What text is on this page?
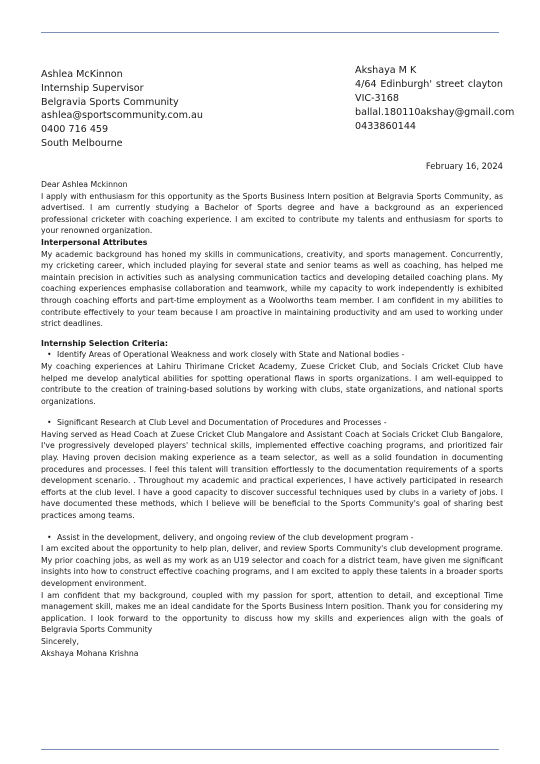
Ashlea McKinnon
Internship Supervisor
Belgravia Sports Community
ashlea@sportscommunity.com.au
0400 716 459
South Melbourne
Akshaya M K
4/64 Edinburgh' street clayton
VIC-3168
ballal.180110akshay@gmail.com
0433860144
February 16, 2024

Dear Ashlea Mckinnon

I apply with enthusiasm for this opportunity as the Sports Business Intern position at Belgravia Sports Community, as advertised. I am currently studying a Bachelor of Sports degree and have a background as an experienced professional cricketer with coaching experience. I am excited to contribute my talents and enthusiasm for sports to your renowned organization.

Interpersonal Attributes

My academic background has honed my skills in communications, creativity, and sports management. Concurrently, my cricketing career, which included playing for several state and senior teams as well as coaching, has helped me maintain precision in activities such as analysing communication tactics and developing detailed coaching plans. My coaching experiences emphasise collaboration and teamwork, while my capacity to work independently is exhibited through coaching efforts and part-time employment as a Woolworths team member. I am confident in my abilities to contribute effectively to your team because I am proactive in maintaining productivity and am used to working under strict deadlines.

Internship Selection Criteria:

• Identify Areas of Operational Weakness and work closely with State and National bodies -

My coaching experiences at Lahiru Thirimane Cricket Academy, Zuese Cricket Club, and Socials Cricket Club have helped me develop analytical abilities for spotting operational flaws in sports organizations. I am well-equipped to contribute to the creation of training-based solutions by working with clubs, state organizations, and national sports organizations.

• Significant Research at Club Level and Documentation of Procedures and Processes -

Having served as Head Coach at Zuese Cricket Club Mangalore and Assistant Coach at Socials Cricket Club Bangalore, I've progressively developed players' technical skills, implemented effective coaching programs, and prioritized fair play. Having proven decision making experience as a team selector, as well as a solid foundation in documenting procedures and processes. I feel this talent will transition effortlessly to the documentation requirements of a sports development scenario. . Throughout my academic and practical experiences, I have actively participated in research efforts at the club level. I have a good capacity to discover successful techniques used by clubs in a variety of jobs. I have documented these methods, which I believe will be beneficial to the Sports Community's goal of sharing best practices among teams.

• Assist in the development, delivery, and ongoing review of the club development program -

I am excited about the opportunity to help plan, deliver, and review Sports Community's club development programe. My prior coaching jobs, as well as my work as an U19 selector and coach for a district team, have given me significant insights into how to construct effective coaching programs, and I am excited to apply these talents in a broader sports development environment.

I am confident that my background, coupled with my passion for sport, attention to detail, and exceptional Time management skill, makes me an ideal candidate for the Sports Business Intern position. Thank you for considering my application. I look forward to the opportunity to discuss how my skills and experiences align with the goals of Belgravia Sports Community

Sincerely,

Akshaya Mohana Krishna
